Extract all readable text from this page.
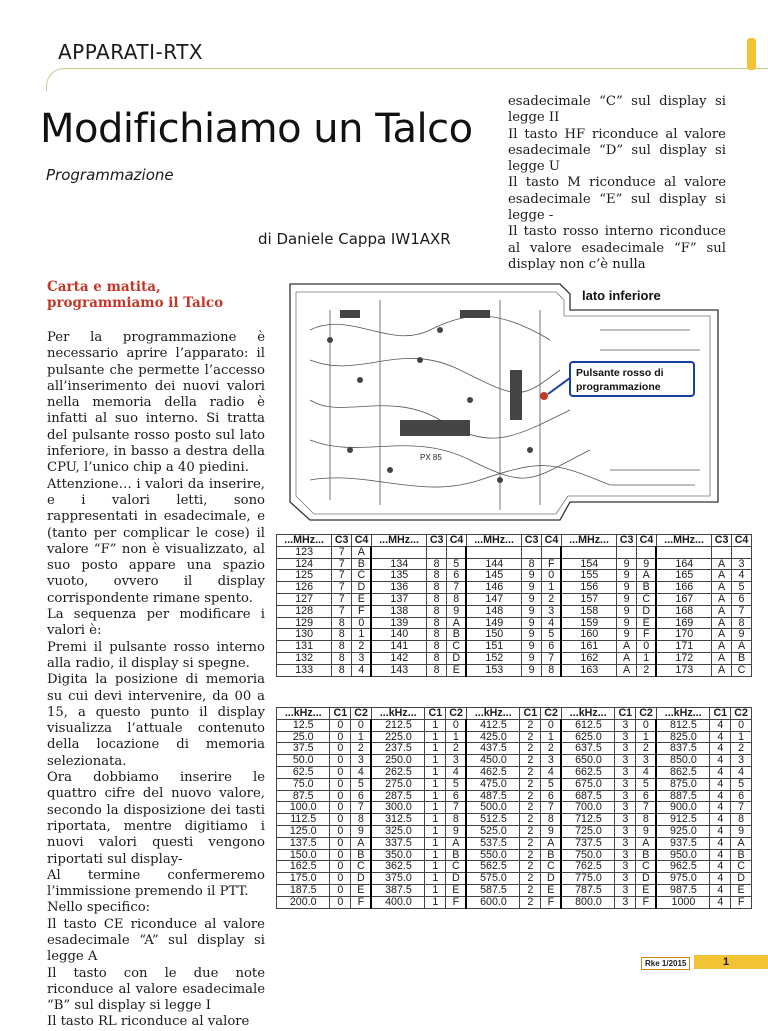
APPARATI-RTX
Modifichiamo un Talco
Programmazione
di Daniele Cappa IW1AXR
esadecimale “C” sul display si legge II
Il tasto HF riconduce al valore esadecimale “D” sul display si legge U
Il tasto M riconduce al valore esadecimale “E” sul display si legge -
Il tasto rosso interno riconduce al valore esadecimale “F” sul display non c’è nulla
Carta e matita, programmiamo il Talco
Per la programmazione è necessario aprire l’apparato: il pulsante che permette l’accesso all’inserimento dei nuovi valori nella memoria della radio è infatti al suo interno. Si tratta del pulsante rosso posto sul lato inferiore, in basso a destra della CPU, l’unico chip a 40 piedini.
Attenzione… i valori da inserire, e i valori letti, sono rappresentati in esadecimale, e (tanto per complicar le cose) il valore “F” non è visualizzato, al suo posto appare una spazio vuoto, ovvero il display corrispondente rimane spento.
La sequenza per modificare i valori è:
Premi il pulsante rosso interno alla radio, il display si spegne.
Digita la posizione di memoria su cui devi intervenire, da 00 a 15, a questo punto il display visualizza l’attuale contenuto della locazione di memoria selezionata.
Ora dobbiamo inserire le quattro cifre del nuovo valore, secondo la disposizione dei tasti riportata, mentre digitiamo i nuovi valori questi vengono riportati sul display-
Al termine confermeremo l’immissione premendo il PTT.
Nello specifico:
Il tasto CE riconduce al valore esadecimale “A” sul display si legge A
Il tasto con le due note riconduce al valore esadecimale “B” sul display si legge I
Il tasto RL riconduce al valore
PX 85
lato inferiore
Pulsante rosso di
programmazione
...MHz...	C3	C4	...MHz...	C3	C4	...MHz...	C3	C4	...MHz...	C3	C4	...MHz...	C3	C4
123	7	A												
124	7	B	134	8	5	144	8	F	154	9	9	164	A	3
125	7	C	135	8	6	145	9	0	155	9	A	165	A	4
126	7	D	136	8	7	146	9	1	156	9	B	166	A	5
127	7	E	137	8	8	147	9	2	157	9	C	167	A	6
128	7	F	138	8	9	148	9	3	158	9	D	168	A	7
129	8	0	139	8	A	149	9	4	159	9	E	169	A	8
130	8	1	140	8	B	150	9	5	160	9	F	170	A	9
131	8	2	141	8	C	151	9	6	161	A	0	171	A	A
132	8	3	142	8	D	152	9	7	162	A	1	172	A	B
133	8	4	143	8	E	153	9	8	163	A	2	173	A	C
...kHz...	C1	C2	...kHz...	C1	C2	...kHz...	C1	C2	...kHz...	C1	C2	...kHz...	C1	C2
12.5	0	0	212.5	1	0	412.5	2	0	612.5	3	0	812.5	4	0
25.0	0	1	225.0	1	1	425.0	2	1	625.0	3	1	825.0	4	1
37.5	0	2	237.5	1	2	437.5	2	2	637.5	3	2	837.5	4	2
50.0	0	3	250.0	1	3	450.0	2	3	650.0	3	3	850.0	4	3
62.5	0	4	262.5	1	4	462.5	2	4	662.5	3	4	862.5	4	4
75.0	0	5	275.0	1	5	475.0	2	5	675.0	3	5	875.0	4	5
87.5	0	6	287.5	1	6	487.5	2	6	687.5	3	6	887.5	4	6
100.0	0	7	300.0	1	7	500.0	2	7	700.0	3	7	900.0	4	7
112.5	0	8	312.5	1	8	512.5	2	8	712.5	3	8	912.5	4	8
125.0	0	9	325.0	1	9	525.0	2	9	725.0	3	9	925.0	4	9
137.5	0	A	337.5	1	A	537.5	2	A	737.5	3	A	937.5	4	A
150.0	0	B	350.0	1	B	550.0	2	B	750.0	3	B	950.0	4	B
162.5	0	C	362.5	1	C	562.5	2	C	762.5	3	C	962.5	4	C
175.0	0	D	375.0	1	D	575.0	2	D	775.0	3	D	975.0	4	D
187.5	0	E	387.5	1	E	587.5	2	E	787.5	3	E	987.5	4	E
200.0	0	F	400.0	1	F	600.0	2	F	800.0	3	F	1000	4	F
Rke 1/2015	1
